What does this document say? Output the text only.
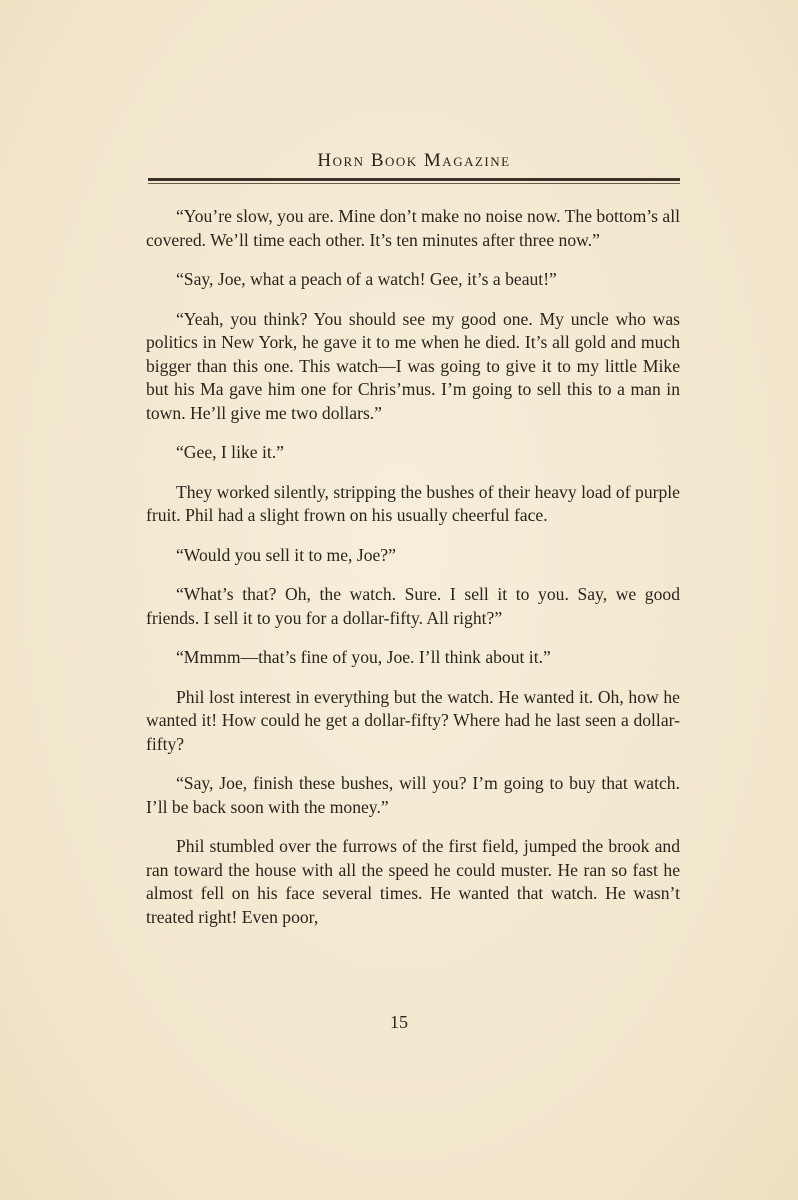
Horn Book Magazine

“You’re slow, you are. Mine don’t make no noise now. The bottom’s all covered. We’ll time each other. It’s ten minutes after three now.”

“Say, Joe, what a peach of a watch! Gee, it’s a beaut!”

“Yeah, you think? You should see my good one. My uncle who was politics in New York, he gave it to me when he died. It’s all gold and much bigger than this one. This watch—I was going to give it to my little Mike but his Ma gave him one for Chris’mus. I’m going to sell this to a man in town. He’ll give me two dollars.”

“Gee, I like it.”

They worked silently, stripping the bushes of their heavy load of purple fruit. Phil had a slight frown on his usually cheerful face.

“Would you sell it to me, Joe?”

“What’s that? Oh, the watch. Sure. I sell it to you. Say, we good friends. I sell it to you for a dollar-fifty. All right?”

“Mmmm—that’s fine of you, Joe. I’ll think about it.”

Phil lost interest in everything but the watch. He wanted it. Oh, how he wanted it! How could he get a dollar-fifty? Where had he last seen a dollar-fifty?

“Say, Joe, finish these bushes, will you? I’m going to buy that watch. I’ll be back soon with the money.”

Phil stumbled over the furrows of the first field, jumped the brook and ran toward the house with all the speed he could muster. He ran so fast he almost fell on his face several times. He wanted that watch. He wasn’t treated right! Even poor,

15
